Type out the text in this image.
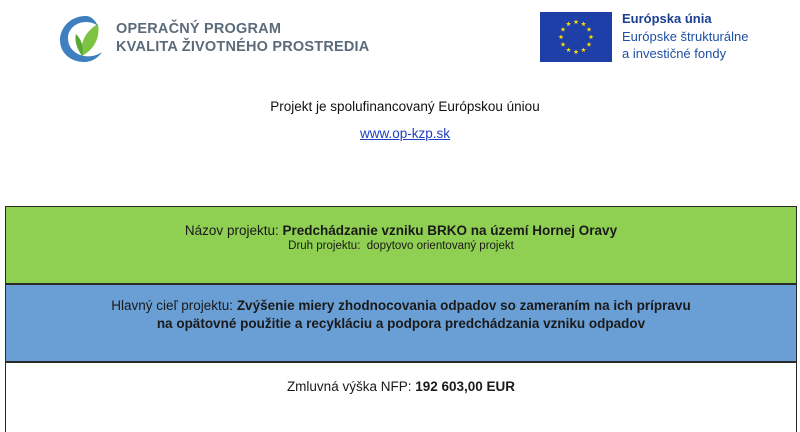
OPERAČNÝ PROGRAM
KVALITA ŽIVOTNÉHO PROSTREDIA
Európska únia
Európske štrukturálne
a investičné fondy
Projekt je spolufinancovaný Európskou úniou
www.op-kzp.sk
Názov projektu: Predchádzanie vzniku BRKO na území Hornej Oravy
Druh projektu: dopytovo orientovaný projekt
Hlavný cieľ projektu: Zvýšenie miery zhodnocovania odpadov so zameraním na ich prípravu
na opätovné použitie a recykláciu a podpora predchádzania vzniku odpadov
Zmluvná výška NFP: 192 603,00 EUR
